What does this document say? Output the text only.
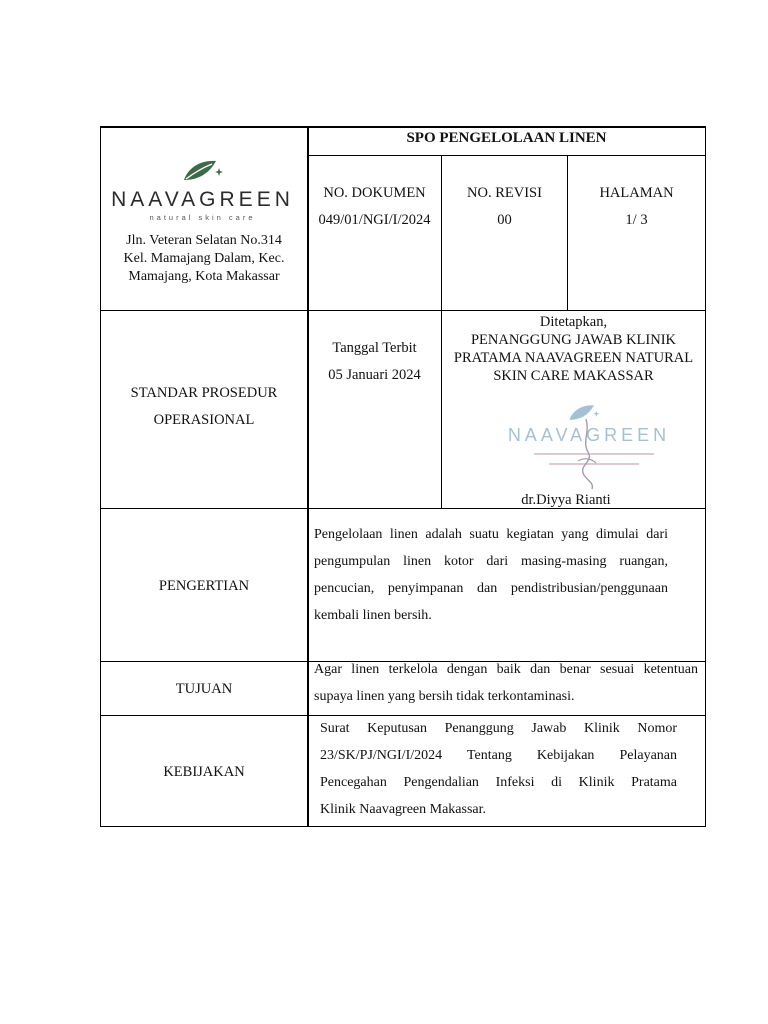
SPO PENGELOLAAN LINEN
NAAVAGREEN
natural skin care
Jln. Veteran Selatan No.314
Kel. Mamajang Dalam, Kec.
Mamajang, Kota Makassar
NO. DOKUMEN
049/01/NGI/I/2024
NO. REVISI
00
HALAMAN
1/ 3
STANDAR PROSEDUR
OPERASIONAL
Tanggal Terbit
05 Januari 2024
Ditetapkan,
PENANGGUNG JAWAB KLINIK
PRATAMA NAAVAGREEN NATURAL
SKIN CARE MAKASSAR
NAAVAGREEN
dr.Diyya Rianti
PENGERTIAN
Pengelolaan linen adalah suatu kegiatan yang dimulai dari
pengumpulan linen kotor dari masing-masing ruangan,
pencucian, penyimpanan dan pendistribusian/penggunaan
kembali linen bersih.
TUJUAN
Agar linen terkelola dengan baik dan benar sesuai ketentuan
supaya linen yang bersih tidak terkontaminasi.
KEBIJAKAN
Surat Keputusan Penanggung Jawab Klinik Nomor
23/SK/PJ/NGI/I/2024 Tentang Kebijakan Pelayanan
Pencegahan Pengendalian Infeksi di Klinik Pratama
Klinik Naavagreen Makassar.
